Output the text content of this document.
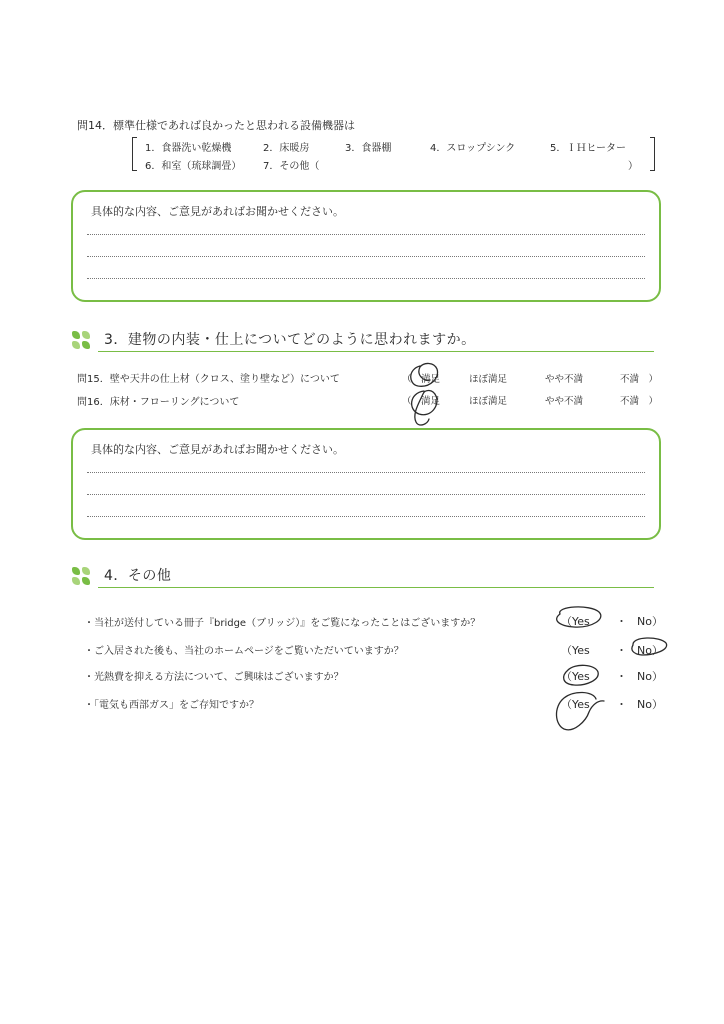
問14．標準仕様であれば良かったと思われる設備機器は
1．食器洗い乾燥機	2．床暖房	3．食器棚	4．スロップシンク	5．ＩＨヒーター
6．和室（琉球調畳） 7．その他（	）
具体的な内容、ご意見があればお聞かせください。
3．建物の内装・仕上についてどのように思われますか。
問15．壁や天井の仕上材（クロス、塗り壁など）について	（　満足	ほぼ満足	やや不満	不満　）
問16．床材・フローリングについて	（　満足	ほぼ満足	やや不満	不満　）
具体的な内容、ご意見があればお聞かせください。
4．その他
・当社が送付している冊子『bridge（ブリッジ）』をご覧になったことはございますか？	（Yes ・ No）
・ご入居された後も、当社のホームページをご覧いただいていますか？	（Yes ・ No）
・光熱費を抑える方法について、ご興味はございますか？	（Yes ・ No）
・「電気も西部ガス」をご存知ですか？	（Yes ・ No）
